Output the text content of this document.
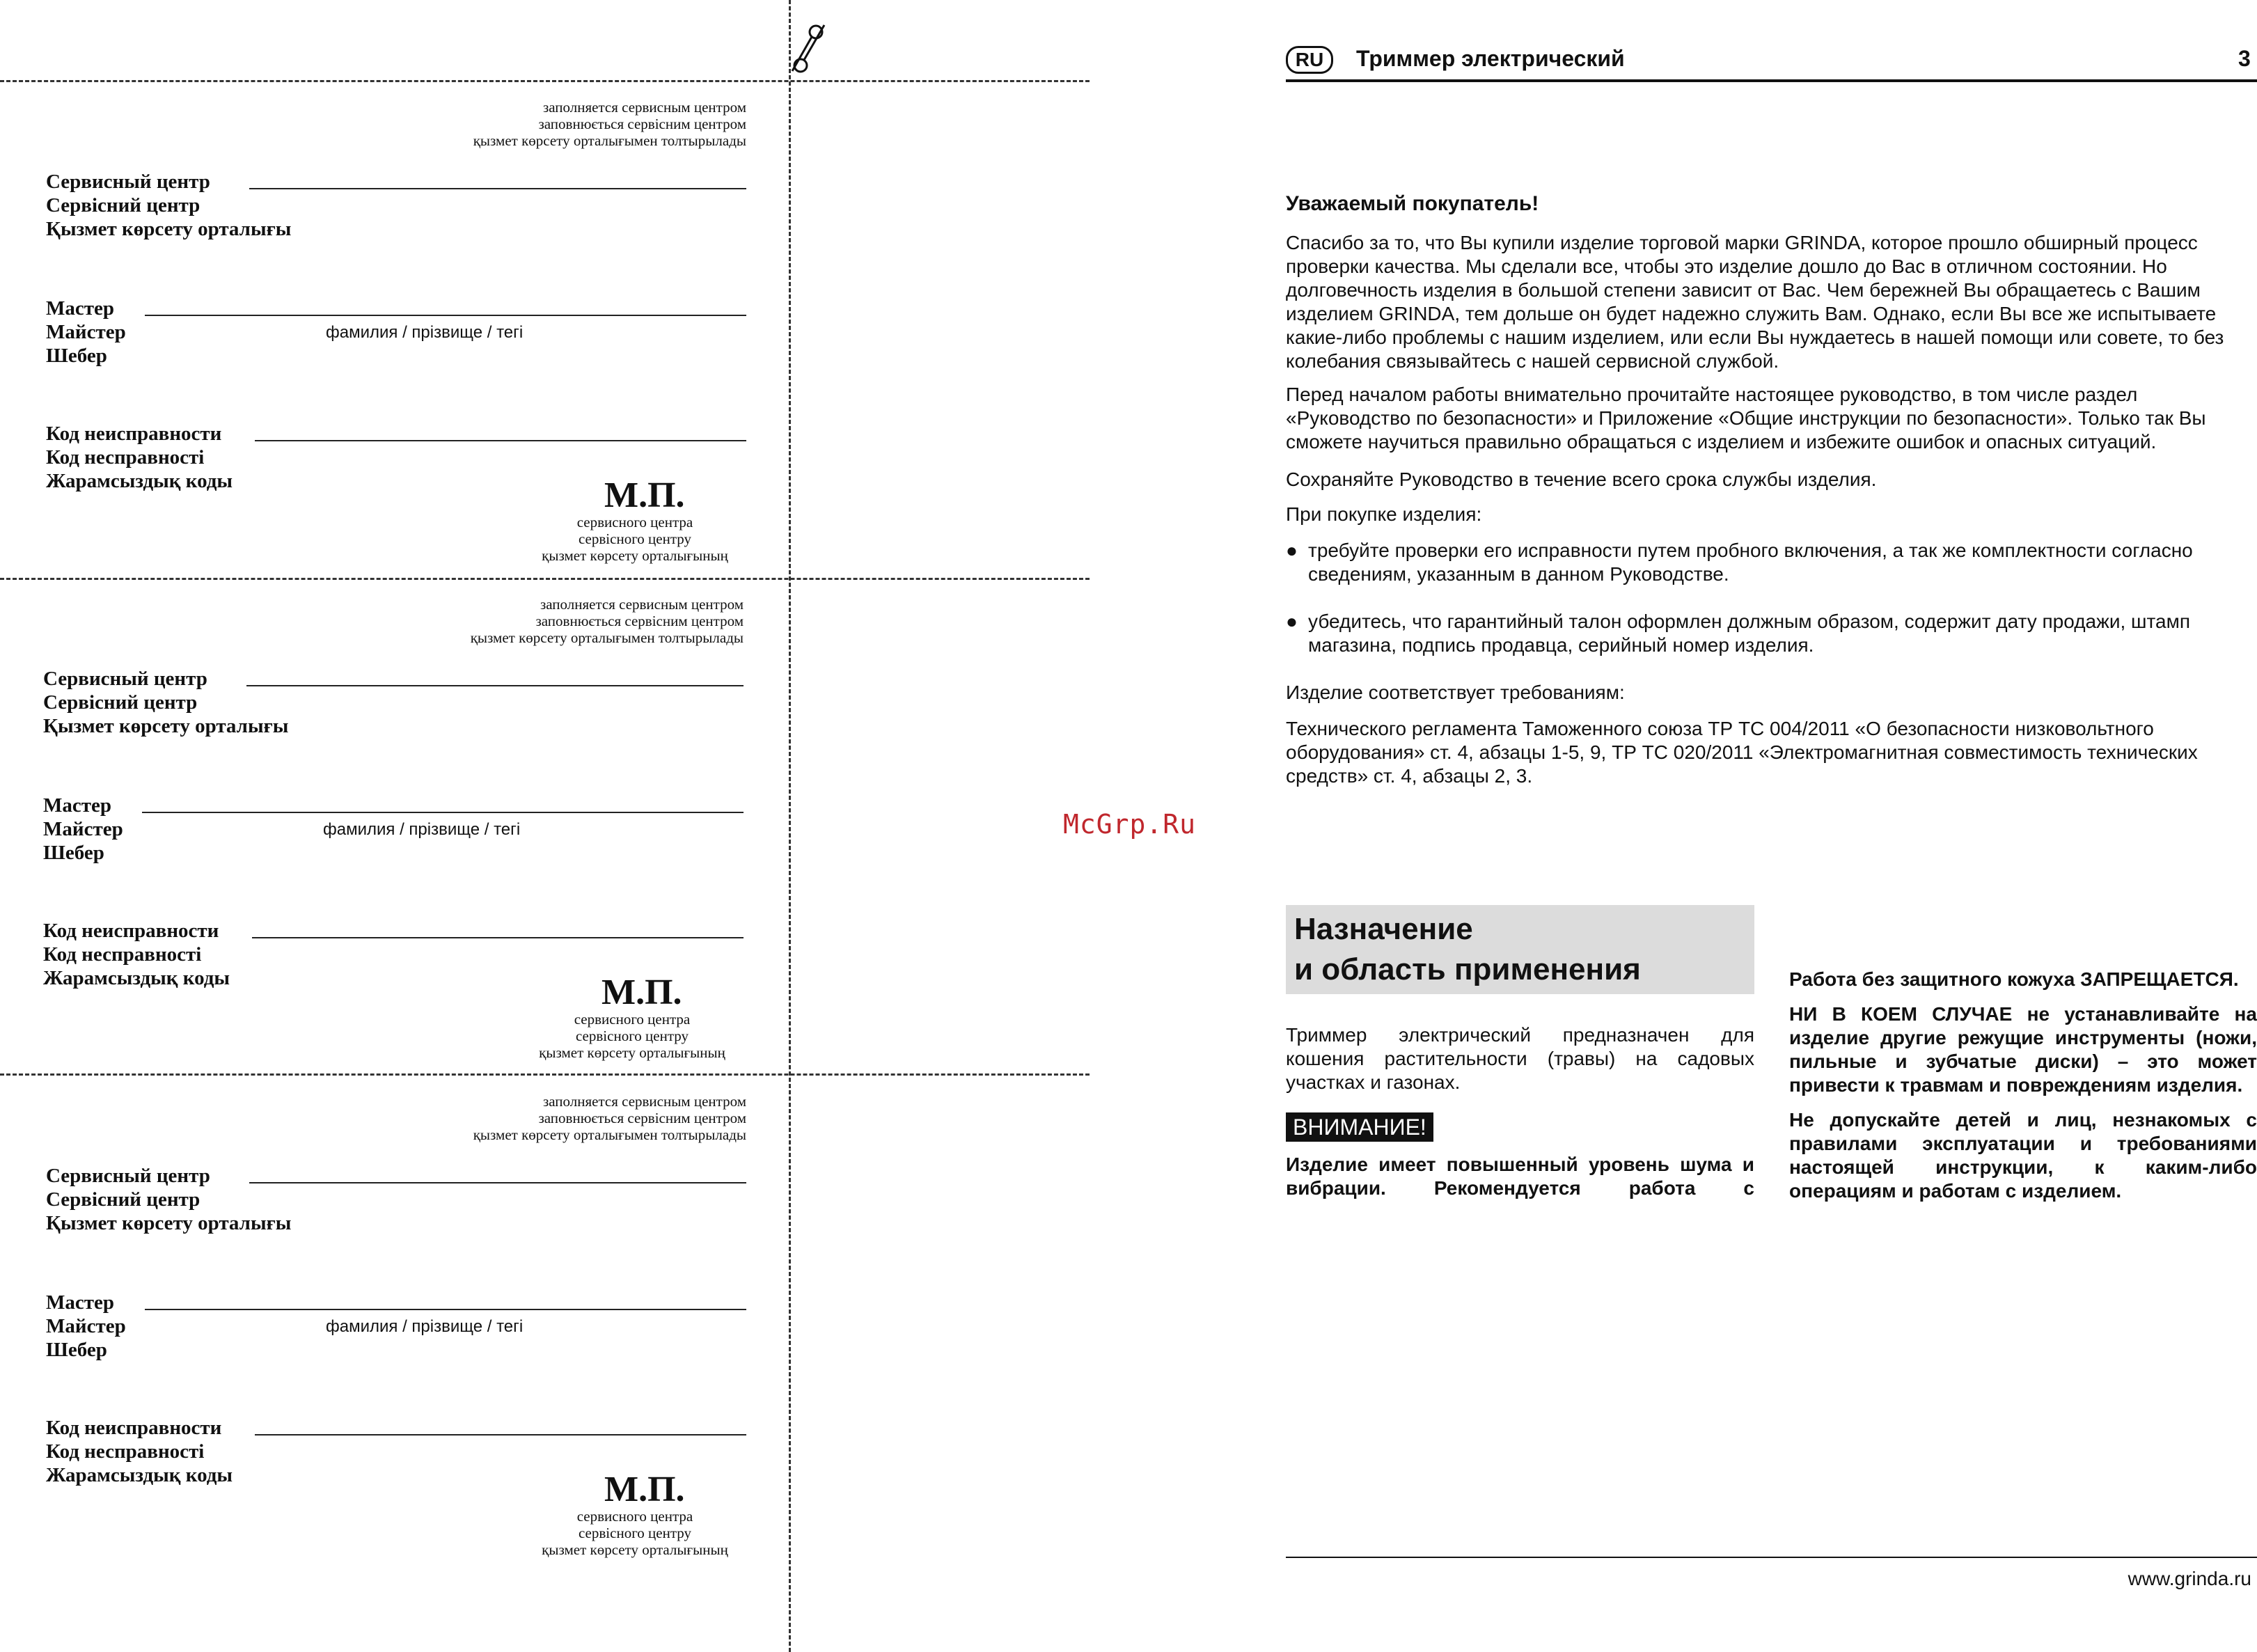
заполняется сервисным центром
заповнюється сервісним центром
қызмет көрсету орталығымен толтырылады
Сервисный центр
Сервісний центр
Қызмет көрсету орталығы
Мастер
Майстер
Шебер
фамилия / прізвище / тегі
Код неисправности
Код несправності
Жарамсыздық коды	М.П.
сервисного центра
сервісного центру
қызмет көрсету орталығының
заполняется сервисным центром
заповнюється сервісним центром
қызмет көрсету орталығымен толтырылады
Сервисный центр
Сервісний центр
Қызмет көрсету орталығы
Мастер
Майстер
Шебер
фамилия / прізвище / тегі
Код неисправности
Код несправності
Жарамсыздық коды	М.П.
сервисного центра
сервісного центру
қызмет көрсету орталығының
заполняется сервисным центром
заповнюється сервісним центром
қызмет көрсету орталығымен толтырылады
Сервисный центр
Сервісний центр
Қызмет көрсету орталығы
Мастер
Майстер
Шебер
фамилия / прізвище / тегі
Код неисправности
Код несправності
Жарамсыздық коды	М.П.
сервисного центра
сервісного центру
қызмет көрсету орталығының
McGrp.Ru
RU	Триммер электрический	3
Уважаемый покупатель!
Спасибо за то, что Вы купили изделие торговой марки GRINDA, которое прошло обширный процесс проверки качества. Мы сделали все, чтобы это изделие дошло до Вас в отличном состоянии. Но долговечность изделия в большой степени зависит от Вас. Чем бережней Вы обращаетесь с Вашим изделием GRINDA, тем дольше он будет надежно служить Вам. Однако, если Вы все же испытываете какие-либо проблемы с нашим изделием, или если Вы нуждаетесь в нашей помощи или совете, то без колебания связывайтесь с нашей сервисной службой.
Перед началом работы внимательно прочитайте настоящее руководство, в том числе раздел «Руководство по безопасности» и Приложение «Общие инструкции по безопасности». Только так Вы сможете научиться правильно обращаться с изделием и избежите ошибок и опасных ситуаций.
Сохраняйте Руководство в течение всего срока службы изделия.
При покупке изделия:
● требуйте проверки его исправности путем пробного включения, а так же комплектности согласно сведениям, указанным в данном Руководстве.
● убедитесь, что гарантийный талон оформлен должным образом, содержит дату продажи, штамп магазина, подпись продавца, серийный номер изделия.
Изделие соответствует требованиям:
Технического регламента Таможенного союза ТР ТС 004/2011 «О безопасности низковольтного оборудования» ст. 4, абзацы 1-5, 9, ТР ТС 020/2011 «Электромагнитная совместимость технических средств» ст. 4, абзацы 2, 3.
Назначение
и область применения
Триммер электрический предназначен для кошения растительности (травы) на садовых участках и газонах.
ВНИМАНИЕ!
Изделие имеет повышенный уровень шума и вибрации. Рекомендуется работа с
Работа без защитного кожуха ЗАПРЕЩАЕТСЯ.
НИ В КОЕМ СЛУЧАЕ не устанавливайте на изделие другие режущие инструменты (ножи, пильные и зубчатые диски) – это может привести к травмам и повреждениям изделия.
Не допускайте детей и лиц, незнакомых с правилами эксплуатации и требованиями настоящей инструкции, к каким-либо операциям и работам с изделием.
www.grinda.ru
